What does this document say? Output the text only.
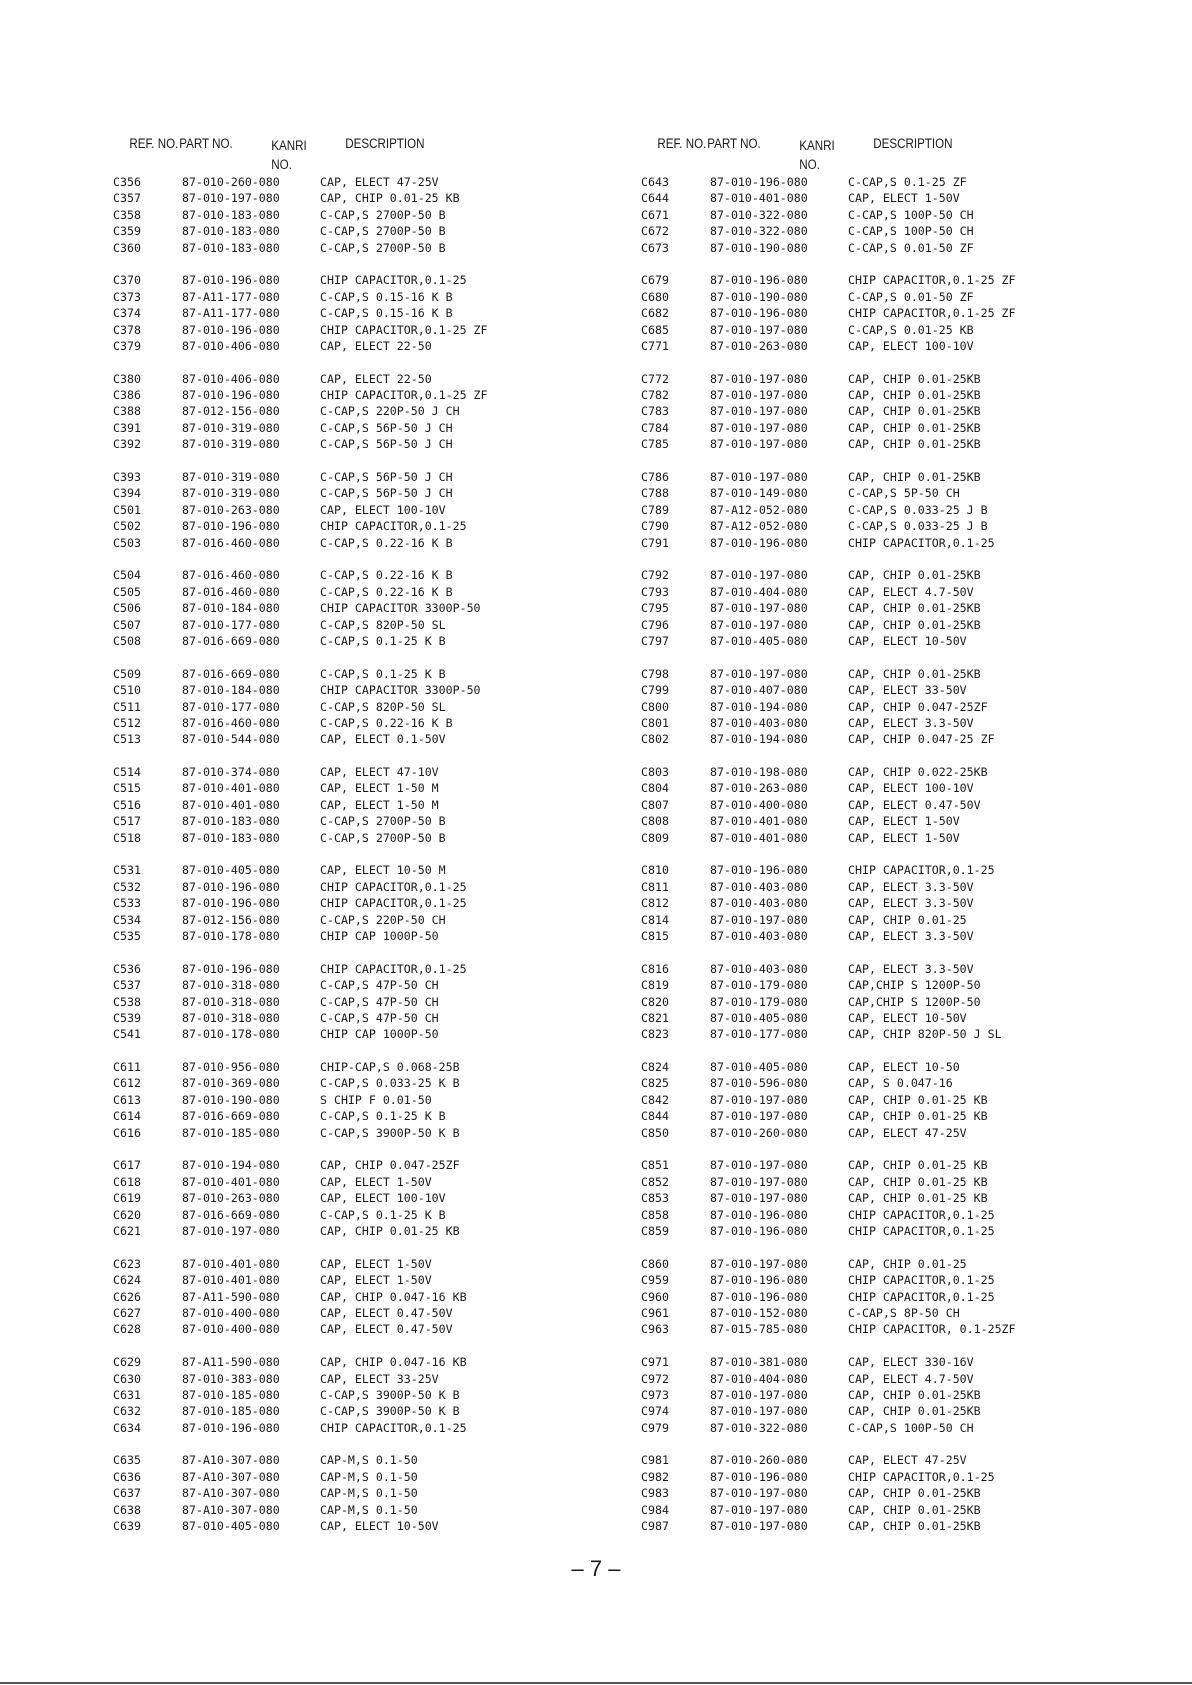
REF. NO. PART NO.	KANRI NO.
DESCRIPTION
C356	87-010-260-080	CAP, ELECT 47-25V
C357	87-010-197-080	CAP, CHIP 0.01-25 KB
C358	87-010-183-080	C-CAP,S 2700P-50 B
C359	87-010-183-080	C-CAP,S 2700P-50 B
C360	87-010-183-080	C-CAP,S 2700P-50 B
C370	87-010-196-080	CHIP CAPACITOR,0.1-25
C373	87-A11-177-080	C-CAP,S 0.15-16 K B
C374	87-A11-177-080	C-CAP,S 0.15-16 K B
C378	87-010-196-080	CHIP CAPACITOR,0.1-25 ZF
C379	87-010-406-080	CAP, ELECT 22-50
C380	87-010-406-080	CAP, ELECT 22-50
C386	87-010-196-080	CHIP CAPACITOR,0.1-25 ZF
C388	87-012-156-080	C-CAP,S 220P-50 J CH
C391	87-010-319-080	C-CAP,S 56P-50 J CH
C392	87-010-319-080	C-CAP,S 56P-50 J CH
C393	87-010-319-080	C-CAP,S 56P-50 J CH
C394	87-010-319-080	C-CAP,S 56P-50 J CH
C501	87-010-263-080	CAP, ELECT 100-10V
C502	87-010-196-080	CHIP CAPACITOR,0.1-25
C503	87-016-460-080	C-CAP,S 0.22-16 K B
C504	87-016-460-080	C-CAP,S 0.22-16 K B
C505	87-016-460-080	C-CAP,S 0.22-16 K B
C506	87-010-184-080	CHIP CAPACITOR 3300P-50
C507	87-010-177-080	C-CAP,S 820P-50 SL
C508	87-016-669-080	C-CAP,S 0.1-25 K B
C509	87-016-669-080	C-CAP,S 0.1-25 K B
C510	87-010-184-080	CHIP CAPACITOR 3300P-50
C511	87-010-177-080	C-CAP,S 820P-50 SL
C512	87-016-460-080	C-CAP,S 0.22-16 K B
C513	87-010-544-080	CAP, ELECT 0.1-50V
C514	87-010-374-080	CAP, ELECT 47-10V
C515	87-010-401-080	CAP, ELECT 1-50 M
C516	87-010-401-080	CAP, ELECT 1-50 M
C517	87-010-183-080	C-CAP,S 2700P-50 B
C518	87-010-183-080	C-CAP,S 2700P-50 B
C531	87-010-405-080	CAP, ELECT 10-50 M
C532	87-010-196-080	CHIP CAPACITOR,0.1-25
C533	87-010-196-080	CHIP CAPACITOR,0.1-25
C534	87-012-156-080	C-CAP,S 220P-50 CH
C535	87-010-178-080	CHIP CAP 1000P-50
C536	87-010-196-080	CHIP CAPACITOR,0.1-25
C537	87-010-318-080	C-CAP,S 47P-50 CH
C538	87-010-318-080	C-CAP,S 47P-50 CH
C539	87-010-318-080	C-CAP,S 47P-50 CH
C541	87-010-178-080	CHIP CAP 1000P-50
C611	87-010-956-080	CHIP-CAP,S 0.068-25B
C612	87-010-369-080	C-CAP,S 0.033-25 K B
C613	87-010-190-080	S CHIP F 0.01-50
C614	87-016-669-080	C-CAP,S 0.1-25 K B
C616	87-010-185-080	C-CAP,S 3900P-50 K B
C617	87-010-194-080	CAP, CHIP 0.047-25ZF
C618	87-010-401-080	CAP, ELECT 1-50V
C619	87-010-263-080	CAP, ELECT 100-10V
C620	87-016-669-080	C-CAP,S 0.1-25 K B
C621	87-010-197-080	CAP, CHIP 0.01-25 KB
C623	87-010-401-080	CAP, ELECT 1-50V
C624	87-010-401-080	CAP, ELECT 1-50V
C626	87-A11-590-080	CAP, CHIP 0.047-16 KB
C627	87-010-400-080	CAP, ELECT 0.47-50V
C628	87-010-400-080	CAP, ELECT 0.47-50V
C629	87-A11-590-080	CAP, CHIP 0.047-16 KB
C630	87-010-383-080	CAP, ELECT 33-25V
C631	87-010-185-080	C-CAP,S 3900P-50 K B
C632	87-010-185-080	C-CAP,S 3900P-50 K B
C634	87-010-196-080	CHIP CAPACITOR,0.1-25
C635	87-A10-307-080	CAP-M,S 0.1-50
C636	87-A10-307-080	CAP-M,S 0.1-50
C637	87-A10-307-080	CAP-M,S 0.1-50
C638	87-A10-307-080	CAP-M,S 0.1-50
C639	87-010-405-080	CAP, ELECT 10-50V
REF. NO. PART NO.	KANRI NO.
DESCRIPTION
C643	87-010-196-080	C-CAP,S 0.1-25 ZF
C644	87-010-401-080	CAP, ELECT 1-50V
C671	87-010-322-080	C-CAP,S 100P-50 CH
C672	87-010-322-080	C-CAP,S 100P-50 CH
C673	87-010-190-080	C-CAP,S 0.01-50 ZF
C679	87-010-196-080	CHIP CAPACITOR,0.1-25 ZF
C680	87-010-190-080	C-CAP,S 0.01-50 ZF
C682	87-010-196-080	CHIP CAPACITOR,0.1-25 ZF
C685	87-010-197-080	C-CAP,S 0.01-25 KB
C771	87-010-263-080	CAP, ELECT 100-10V
C772	87-010-197-080	CAP, CHIP 0.01-25KB
C782	87-010-197-080	CAP, CHIP 0.01-25KB
C783	87-010-197-080	CAP, CHIP 0.01-25KB
C784	87-010-197-080	CAP, CHIP 0.01-25KB
C785	87-010-197-080	CAP, CHIP 0.01-25KB
C786	87-010-197-080	CAP, CHIP 0.01-25KB
C788	87-010-149-080	C-CAP,S 5P-50 CH
C789	87-A12-052-080	C-CAP,S 0.033-25 J B
C790	87-A12-052-080	C-CAP,S 0.033-25 J B
C791	87-010-196-080	CHIP CAPACITOR,0.1-25
C792	87-010-197-080	CAP, CHIP 0.01-25KB
C793	87-010-404-080	CAP, ELECT 4.7-50V
C795	87-010-197-080	CAP, CHIP 0.01-25KB
C796	87-010-197-080	CAP, CHIP 0.01-25KB
C797	87-010-405-080	CAP, ELECT 10-50V
C798	87-010-197-080	CAP, CHIP 0.01-25KB
C799	87-010-407-080	CAP, ELECT 33-50V
C800	87-010-194-080	CAP, CHIP 0.047-25ZF
C801	87-010-403-080	CAP, ELECT 3.3-50V
C802	87-010-194-080	CAP, CHIP 0.047-25 ZF
C803	87-010-198-080	CAP, CHIP 0.022-25KB
C804	87-010-263-080	CAP, ELECT 100-10V
C807	87-010-400-080	CAP, ELECT 0.47-50V
C808	87-010-401-080	CAP, ELECT 1-50V
C809	87-010-401-080	CAP, ELECT 1-50V
C810	87-010-196-080	CHIP CAPACITOR,0.1-25
C811	87-010-403-080	CAP, ELECT 3.3-50V
C812	87-010-403-080	CAP, ELECT 3.3-50V
C814	87-010-197-080	CAP, CHIP 0.01-25
C815	87-010-403-080	CAP, ELECT 3.3-50V
C816	87-010-403-080	CAP, ELECT 3.3-50V
C819	87-010-179-080	CAP,CHIP S 1200P-50
C820	87-010-179-080	CAP,CHIP S 1200P-50
C821	87-010-405-080	CAP, ELECT 10-50V
C823	87-010-177-080	CAP, CHIP 820P-50 J SL
C824	87-010-405-080	CAP, ELECT 10-50
C825	87-010-596-080	CAP, S 0.047-16
C842	87-010-197-080	CAP, CHIP 0.01-25 KB
C844	87-010-197-080	CAP, CHIP 0.01-25 KB
C850	87-010-260-080	CAP, ELECT 47-25V
C851	87-010-197-080	CAP, CHIP 0.01-25 KB
C852	87-010-197-080	CAP, CHIP 0.01-25 KB
C853	87-010-197-080	CAP, CHIP 0.01-25 KB
C858	87-010-196-080	CHIP CAPACITOR,0.1-25
C859	87-010-196-080	CHIP CAPACITOR,0.1-25
C860	87-010-197-080	CAP, CHIP 0.01-25
C959	87-010-196-080	CHIP CAPACITOR,0.1-25
C960	87-010-196-080	CHIP CAPACITOR,0.1-25
C961	87-010-152-080	C-CAP,S 8P-50 CH
C963	87-015-785-080	CHIP CAPACITOR, 0.1-25ZF
C971	87-010-381-080	CAP, ELECT 330-16V
C972	87-010-404-080	CAP, ELECT 4.7-50V
C973	87-010-197-080	CAP, CHIP 0.01-25KB
C974	87-010-197-080	CAP, CHIP 0.01-25KB
C979	87-010-322-080	C-CAP,S 100P-50 CH
C981	87-010-260-080	CAP, ELECT 47-25V
C982	87-010-196-080	CHIP CAPACITOR,0.1-25
C983	87-010-197-080	CAP, CHIP 0.01-25KB
C984	87-010-197-080	CAP, CHIP 0.01-25KB
C987	87-010-197-080	CAP, CHIP 0.01-25KB
– 7 –
